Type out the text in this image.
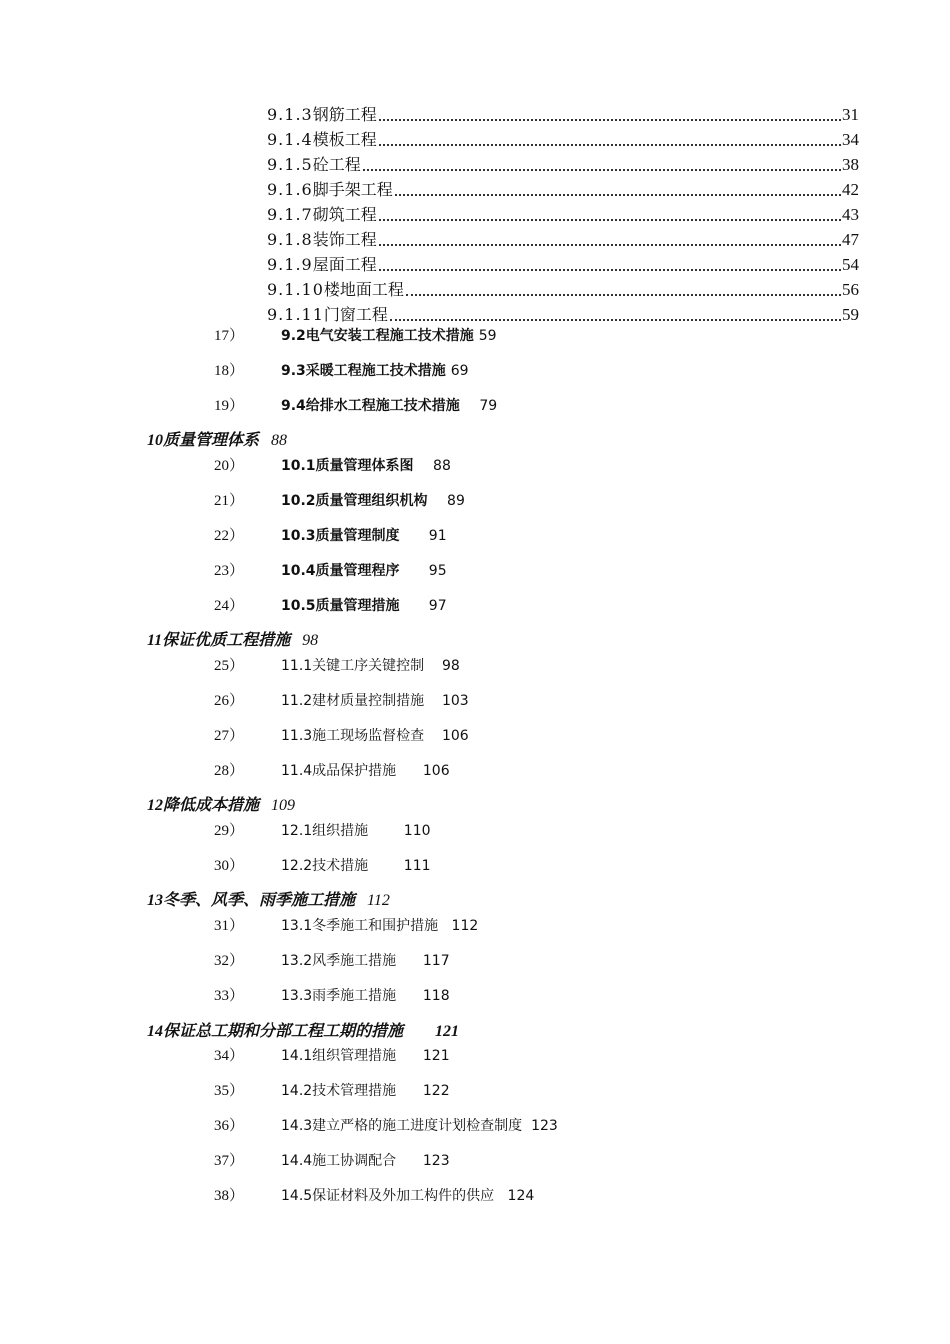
9.1.3 钢筋工程	31
9.1.4 模板工程	34
9.1.5 砼工程	38
9.1.6 脚手架工程	42
9.1.7 砌筑工程	43
9.1.8 装饰工程	47
9.1.9 屋面工程	54
9.1.10 楼地面工程	56
9.1.11 门窗工程	59
17）	9.2电气安装工程施工技术措施 59
18）	9.3采暖工程施工技术措施 69
19）	9.4给排水工程施工技术措施 79
10质量管理体系 88
20）	10.1质量管理体系图 88
21）	10.2质量管理组织机构 89
22）	10.3质量管理制度 91
23）	10.4质量管理程序 95
24）	10.5质量管理措施 97
11保证优质工程措施 98
25）	11.1关键工序关键控制 98
26）	11.2建材质量控制措施 103
27）	11.3施工现场监督检查 106
28）	11.4成品保护措施 106
12降低成本措施 109
29）	12.1组织措施	110
30）	12.2技术措施	111
13冬季、风季、雨季施工措施 112
31）	13.1冬季施工和围护措施 112
32）	13.2风季施工措施 117
33）	13.3雨季施工措施 118
14保证总工期和分部工程工期的措施 121
34）	14.1组织管理措施 121
35）	14.2技术管理措施 122
36）	14.3建立严格的施工进度计划检查制度 123
37）	14.4施工协调配合 123
38）	14.5保证材料及外加工构件的供应 124
